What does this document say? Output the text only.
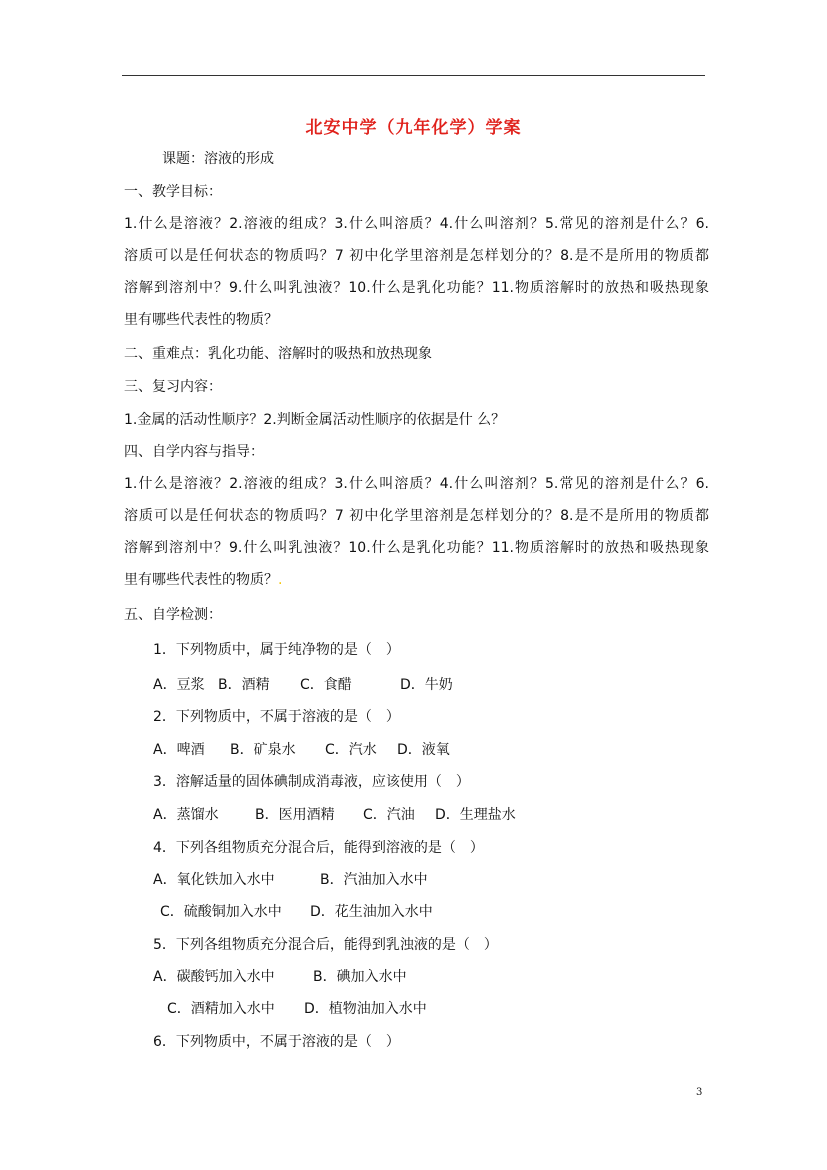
北安中学（九年化学）学案
课题：溶液的形成
一、教学目标：
1.什么是溶液？2.溶液的组成？3.什么叫溶质？4.什么叫溶剂？5.常见的溶剂是什么？6.
溶质可以是任何状态的物质吗？7 初中化学里溶剂是怎样划分的？8.是不是所用的物质都
溶解到溶剂中？9.什么叫乳浊液？10.什么是乳化功能？11.物质溶解时的放热和吸热现象
里有哪些代表性的物质？
二、重难点：乳化功能、溶解时的吸热和放热现象
三、复习内容：
1.金属的活动性顺序？2.判断金属活动性顺序的依据是什 么？
四、自学内容与指导：
1.什么是溶液？2.溶液的组成？3.什么叫溶质？4.什么叫溶剂？5.常见的溶剂是什么？6.
溶质可以是任何状态的物质吗？7 初中化学里溶剂是怎样划分的？8.是不是所用的物质都
溶解到溶剂中？9.什么叫乳浊液？10.什么是乳化功能？11.物质溶解时的放热和吸热现象
里有哪些代表性的物质？.
五、自学检测：
1．下列物质中，属于纯净物的是（　）
A．豆浆 B．酒精 C．食醋	D．牛奶
2．下列物质中，不属于溶液的是（　）
A．啤酒 B．矿泉水 C．汽水 D．液氧
3．溶解适量的固体碘制成消毒液，应该使用（　）
A．蒸馏水	B．医用酒精 C．汽油 D．生理盐水
4．下列各组物质充分混合后，能得到溶液的是（　）
A．氧化铁加入水中	B．汽油加入水中
C．硫酸铜加入水中 D．花生油加入水中
5．下列各组物质充分混合后，能得到乳浊液的是（　）
A．碳酸钙加入水中	B．碘加入水中
C．酒精加入水中 D．植物油加入水中
6．下列物质中，不属于溶液的是（　）
3
